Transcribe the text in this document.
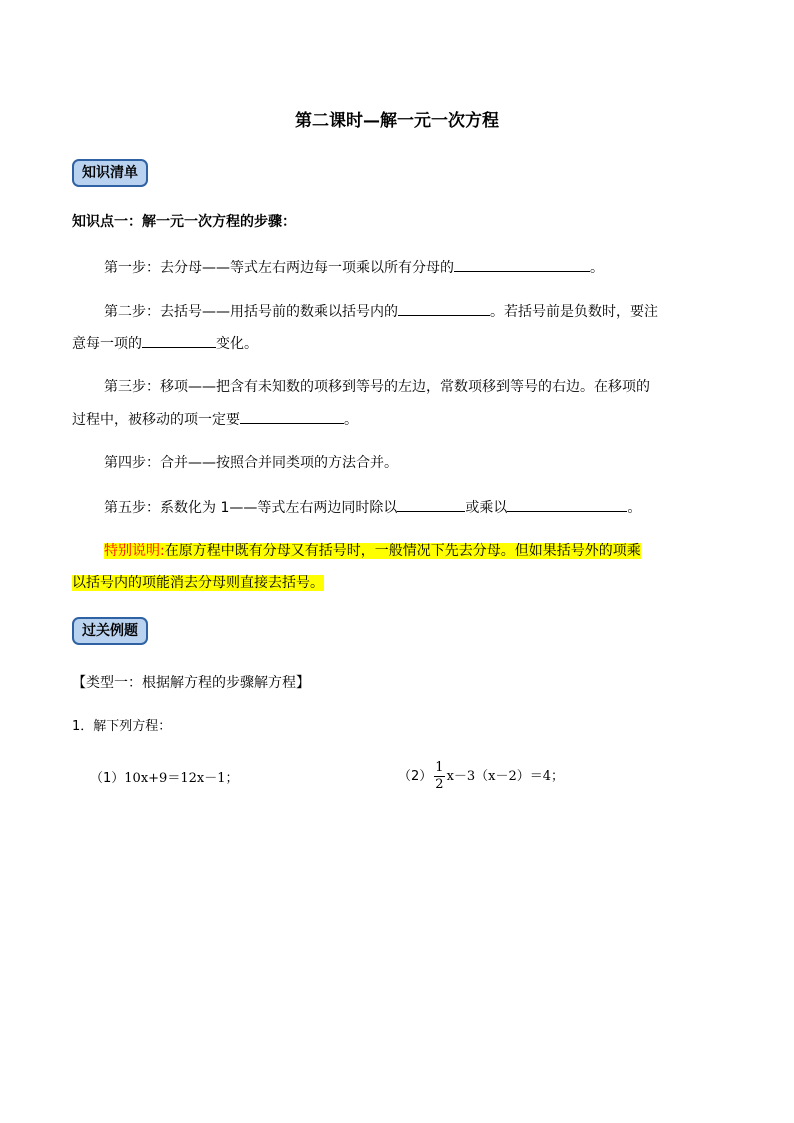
第二课时—解一元一次方程
知识清单
知识点一：解一元一次方程的步骤：
第一步：去分母——等式左右两边每一项乘以所有分母的	。
第二步：去括号——用括号前的数乘以括号内的	。若括号前是负数时，要注
意每一项的	变化。
第三步：移项——把含有未知数的项移到等号的左边，常数项移到等号的右边。在移项的
过程中，被移动的项一定要	。
第四步：合并——按照合并同类项的方法合并。
第五步：系数化为 1——等式左右两边同时除以	或乘以	。
特别说明:在原方程中既有分母又有括号时，一般情况下先去分母。但如果括号外的项乘
以括号内的项能消去分母则直接去括号。
过关例题
【类型一：根据解方程的步骤解方程】
1．解下列方程：
（1）10x+9＝12x－1；	$(2) \frac{1}{2} x-3(x-2)=4$；
